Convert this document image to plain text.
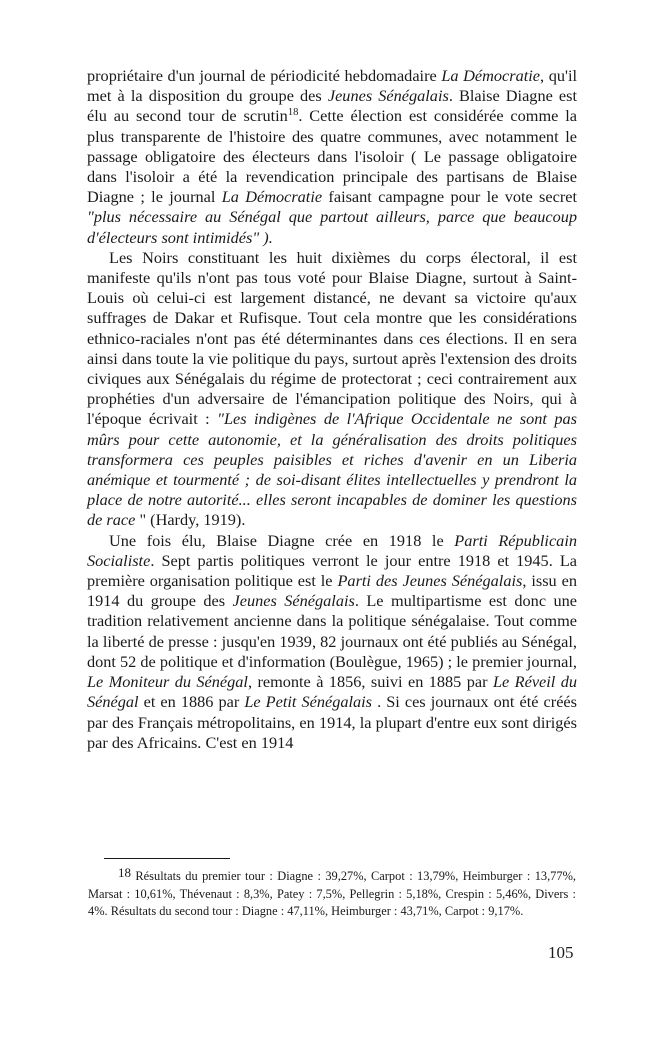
propriétaire d'un journal de périodicité hebdomadaire La Démocratie, qu'il met à la disposition du groupe des Jeunes Sénégalais. Blaise Diagne est élu au second tour de scrutin$^{18}$. Cette élection est considérée comme la plus transparente de l'histoire des quatre communes, avec notamment le passage obligatoire des électeurs dans l'isoloir ( Le passage obligatoire dans l'isoloir a été la revendication principale des partisans de Blaise Diagne ; le journal La Démocratie faisant campagne pour le vote secret "plus nécessaire au Sénégal que partout ailleurs, parce que beaucoup d'électeurs sont intimidés" ).

Les Noirs constituant les huit dixièmes du corps électoral, il est manifeste qu'ils n'ont pas tous voté pour Blaise Diagne, surtout à Saint-Louis où celui-ci est largement distancé, ne devant sa victoire qu'aux suffrages de Dakar et Rufisque. Tout cela montre que les considérations ethnico-raciales n'ont pas été déterminantes dans ces élections. Il en sera ainsi dans toute la vie politique du pays, surtout après l'extension des droits civiques aux Sénégalais du régime de protectorat ; ceci contrairement aux prophéties d'un adversaire de l'émancipation politique des Noirs, qui à l'époque écrivait : "Les indigènes de l'Afrique Occidentale ne sont pas mûrs pour cette autonomie, et la généralisation des droits politiques transformera ces peuples paisibles et riches d'avenir en un Liberia anémique et tourmenté ; de soi-disant élites intellectuelles y prendront la place de notre autorité... elles seront incapables de dominer les questions de race " (Hardy, 1919).

Une fois élu, Blaise Diagne crée en 1918 le Parti Républicain Socialiste. Sept partis politiques verront le jour entre 1918 et 1945. La première organisation politique est le Parti des Jeunes Sénégalais, issu en 1914 du groupe des Jeunes Sénégalais. Le multipartisme est donc une tradition relativement ancienne dans la politique sénégalaise. Tout comme la liberté de presse : jusqu'en 1939, 82 journaux ont été publiés au Sénégal, dont 52 de politique et d'information (Boulègue, 1965) ; le premier journal, Le Moniteur du Sénégal, remonte à 1856, suivi en 1885 par Le Réveil du Sénégal et en 1886 par Le Petit Sénégalais . Si ces journaux ont été créés par des Français métropolitains, en 1914, la plupart d'entre eux sont dirigés par des Africains. C'est en 1914

18 Résultats du premier tour : Diagne : 39,27%, Carpot : 13,79%, Heimburger : 13,77%, Marsat : 10,61%, Thévenaut : 8,3%, Patey : 7,5%, Pellegrin : 5,18%, Crespin : 5,46%, Divers : 4%. Résultats du second tour : Diagne : 47,11%, Heimburger : 43,71%, Carpot : 9,17%.

105
